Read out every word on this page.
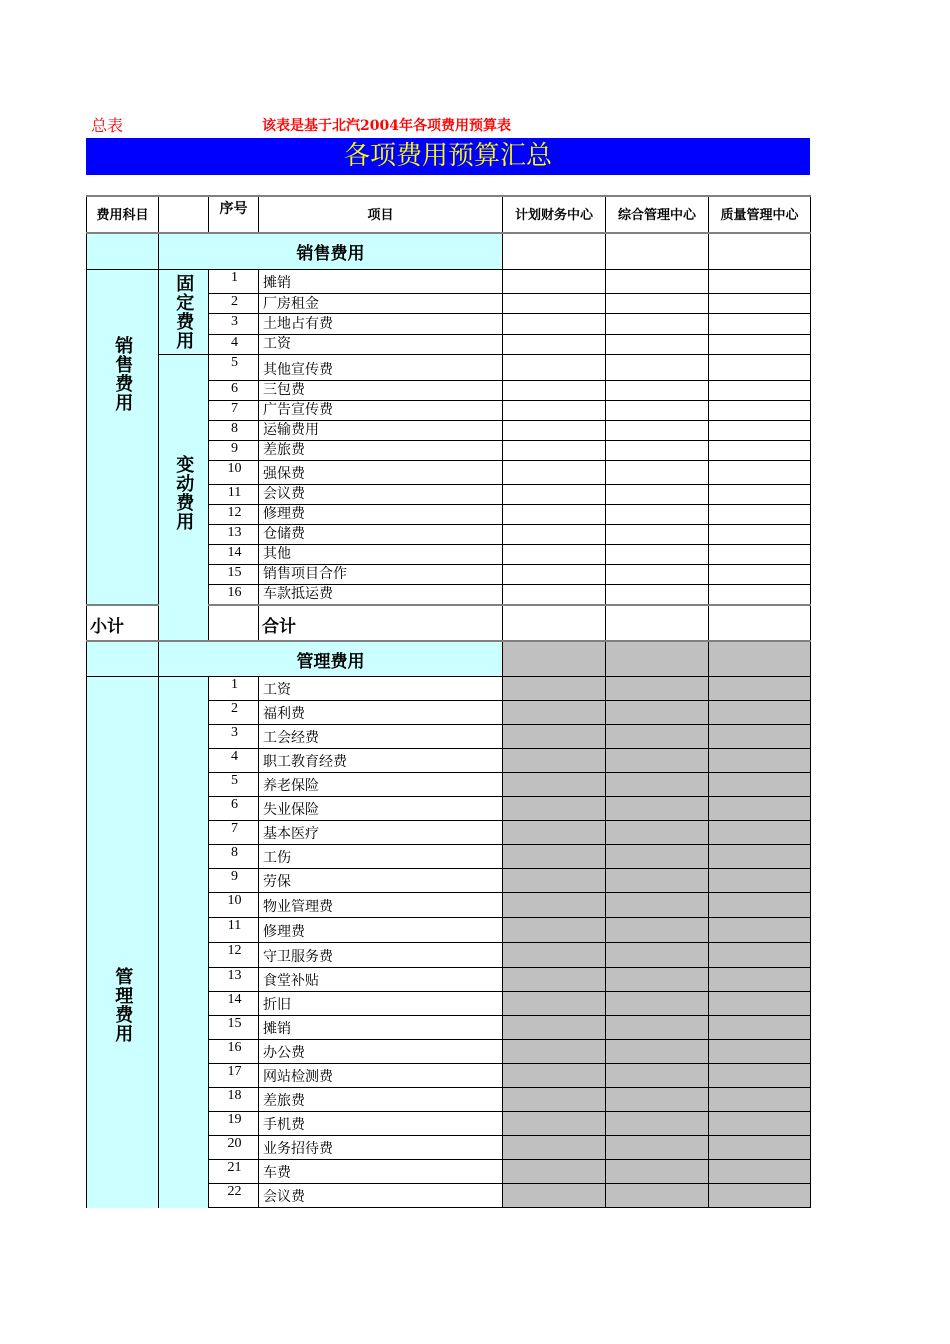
总表	该表是基于北汽2004年各项费用预算表
各项费用预算汇总
费用科目		序号	项目	计划财务中心	综合管理中心	质量管理中心
	销售费用					
销售费用	固定费用	1	摊销			
		2	厂房租金			
		3	土地占有费			
		4	工资			
	变动费用	5	其他宣传费			
		6	三包费			
		7	广告宣传费			
		8	运输费用			
		9	差旅费			
		10	强保费			
		11	会议费			
		12	修理费			
		13	仓储费			
		14	其他			
		15	销售项目合作			
		16	车款抵运费			
小计			合计			
	管理费用					
管理费用		1	工资			
		2	福利费			
		3	工会经费			
		4	职工教育经费			
		5	养老保险			
		6	失业保险			
		7	基本医疗			
		8	工伤			
		9	劳保			
		10	物业管理费			
		11	修理费			
		12	守卫服务费			
		13	食堂补贴			
		14	折旧			
		15	摊销			
		16	办公费			
		17	网站检测费			
		18	差旅费			
		19	手机费			
		20	业务招待费			
		21	车费			
		22	会议费			
